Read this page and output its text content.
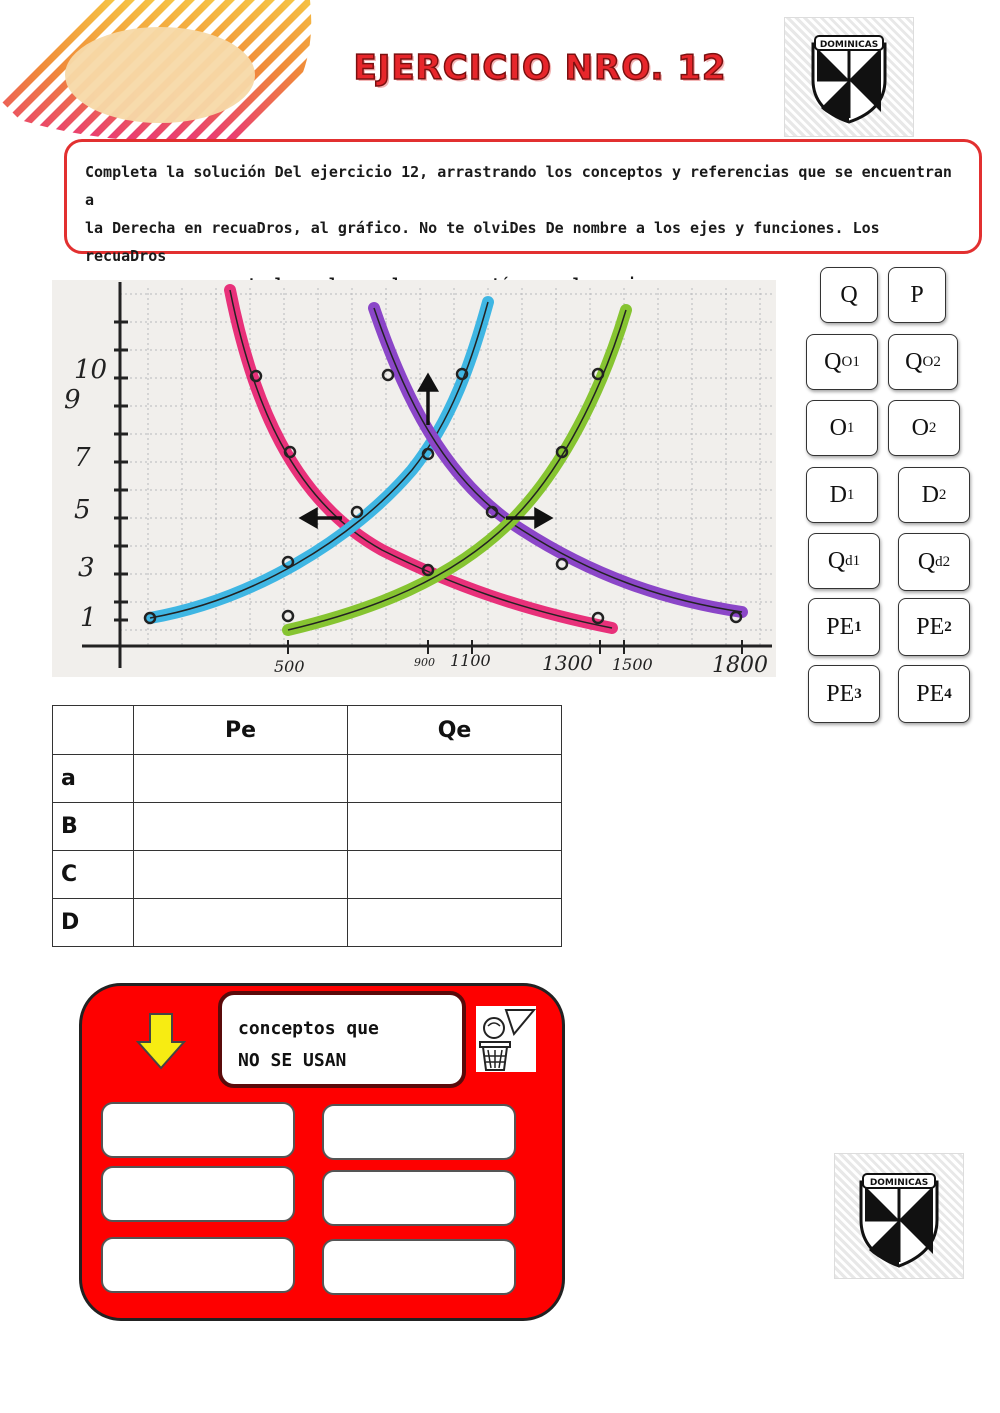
EJERCICIO NRO. 12
DOMINICAS
Completa la solución Del ejercicio 12, arrastrando los conceptos y referencias que se encuentran a
la Derecha en recuaDros, al gráfico. No te olviDes De nombre a los ejes y funciones. Los recuaDros
10
9
7
5
3
1
500	900 1100	1300 1500	1800
Q P
Q O1 Q O2
O 1 O 2
D 1	D 2
Q d1 Q d2
PE 1 PE 2
PE 3 PE 4
	Pe	Qe
a		
B		
C		
D		
conceptos que
NO SE USAN
DOMINICAS
